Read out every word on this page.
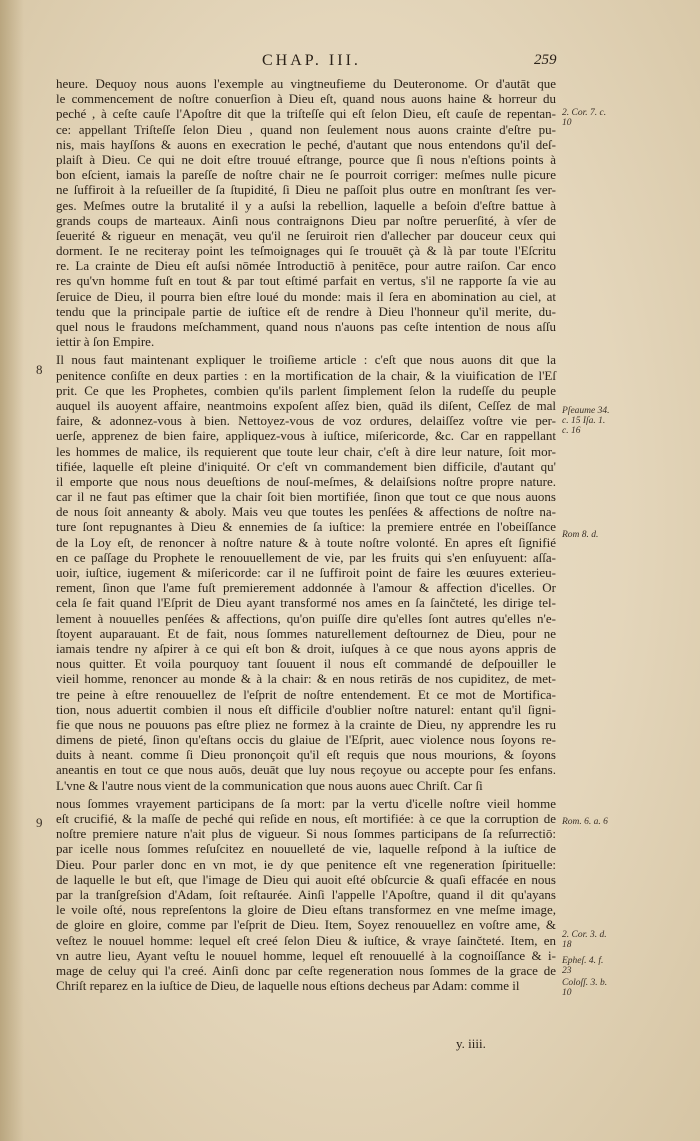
CHAP. III.	259
heure. Dequoy nous auons l'exemple au vingtneufieme du Deuteronome. Or d'autāt que
le commencement de noſtre conuerſion à Dieu eſt, quand nous auons haine & horreur du
peché , à ceſte cauſe l'Apoſtre dit que la triſteſſe qui eſt ſelon Dieu, eſt cauſe de repentan-
ce: appellant Triſteſſe ſelon Dieu , quand non ſeulement nous auons crainte d'eſtre pu-
nis, mais hayſſons & auons en execration le peché, d'autant que nous entendons qu'il deſ-
plaiſt à Dieu. Ce qui ne doit eſtre trouué eſtrange, pource que ſi nous n'eſtions points à
bon eſcient, iamais la pareſſe de noſtre chair ne ſe pourroit corriger: meſmes nulle picure
ne ſuffiroit à la reſueiller de ſa ſtupidité, ſi Dieu ne paſſoit plus outre en monſtrant ſes ver-
ges. Meſmes outre la brutalité il y a auſsi la rebellion, laquelle a beſoin d'eſtre battue à
grands coups de marteaux. Ainſi nous contraignons Dieu par noſtre peruerſité, à vſer de
ſeuerité & rigueur en menaçāt, veu qu'il ne ſeruiroit rien d'allecher par douceur ceux qui
dorment. Ie ne reciteray point les teſmoignages qui ſe trouuēt çà & là par toute l'Eſcritu
re. La crainte de Dieu eſt auſsi nōmée Introductiō à penitēce, pour autre raiſon. Car enco
res qu'vn homme fuſt en tout & par tout eſtimé parfait en vertus, s'il ne rapporte ſa vie au
ſeruice de Dieu, il pourra bien eſtre loué du monde: mais il ſera en abomination au ciel, at
tendu que la principale partie de iuſtice eſt de rendre à Dieu l'honneur qu'il merite, du-
quel nous le fraudons meſchamment, quand nous n'auons pas ceſte intention de nous aſſu
iettir à ſon Empire.
Il nous faut maintenant expliquer le troiſieme article : c'eſt que nous auons dit que la
penitence conſiſte en deux parties : en la mortification de la chair, & la viuification de l'Eſ
prit. Ce que les Prophetes, combien qu'ils parlent ſimplement ſelon la rudeſſe du peuple
auquel ils auoyent affaire, neantmoins expoſent aſſez bien, quād ils diſent, Ceſſez de mal
faire, & adonnez-vous à bien. Nettoyez-vous de voz ordures, delaiſſez voſtre vie per-
uerſe, apprenez de bien faire, appliquez-vous à iuſtice, miſericorde, &c. Car en rappellant
les hommes de malice, ils requierent que toute leur chair, c'eſt à dire leur nature, ſoit mor-
tifiée, laquelle eſt pleine d'iniquité. Or c'eſt vn commandement bien difficile, d'autant qu'
il emporte que nous nous deueſtions de nouſ-meſmes, & delaiſsions noſtre propre nature.
car il ne faut pas eſtimer que la chair ſoit bien mortifiée, ſinon que tout ce que nous auons
de nous ſoit anneanty & aboly. Mais veu que toutes les penſées & affections de noſtre na-
ture ſont repugnantes à Dieu & ennemies de ſa iuſtice: la premiere entrée en l'obeiſſance
de la Loy eſt, de renoncer à noſtre nature & à toute noſtre volonté. En apres eſt ſignifié
en ce paſſage du Prophete le renouuellement de vie, par les fruits qui s'en enſuyuent: aſſa-
uoir, iuſtice, iugement & miſericorde: car il ne ſuffiroit point de faire les œuures exterieu-
rement, ſinon que l'ame fuſt premierement addonnée à l'amour & affection d'icelles. Or
cela ſe fait quand l'Eſprit de Dieu ayant transformé nos ames en ſa ſainčteté, les dirige tel-
lement à nouuelles penſées & affections, qu'on puiſſe dire qu'elles ſont autres qu'elles n'e-
ſtoyent auparauant. Et de fait, nous ſommes naturellement deſtournez de Dieu, pour ne
iamais tendre ny aſpirer à ce qui eſt bon & droit, iuſques à ce que nous ayons appris de
nous quitter. Et voila pourquoy tant ſouuent il nous eſt commandé de deſpouiller le
vieil homme, renoncer au monde & à la chair: & en nous retirās de nos cupiditez, de met-
tre peine à eſtre renouuellez de l'eſprit de noſtre entendement. Et ce mot de Mortifica-
tion, nous aduertit combien il nous eſt difficile d'oublier noſtre naturel: entant qu'il ſigni-
fie que nous ne pouuons pas eſtre pliez ne formez à la crainte de Dieu, ny apprendre les ru
dimens de pieté, ſinon qu'eſtans occis du glaiue de l'Eſprit, auec violence nous ſoyons re-
duits à neant. comme ſi Dieu prononçoit qu'il eſt requis que nous mourions, & ſoyons
aneantis en tout ce que nous auōs, deuāt que luy nous reçoyue ou accepte pour ſes enfans.
L'vne & l'autre nous vient de la communication que nous auons auec Chriſt. Car ſi
nous ſommes vrayement participans de ſa mort: par la vertu d'icelle noſtre vieil homme
eſt crucifié, & la maſſe de peché qui reſide en nous, eſt mortifiée: à ce que la corruption de
noſtre premiere nature n'ait plus de vigueur. Si nous ſommes participans de ſa reſurrectiō:
par icelle nous ſommes reſuſcitez en nouuelleté de vie, laquelle reſpond à la iuſtice de
Dieu. Pour parler donc en vn mot, ie dy que penitence eſt vne regeneration ſpirituelle:
de laquelle le but eſt, que l'image de Dieu qui auoit eſté obſcurcie & quaſi effacée en nous
par la tranſgreſsion d'Adam, ſoit reſtaurée. Ainſi l'appelle l'Apoſtre, quand il dit qu'ayans
le voile oſté, nous repreſentons la gloire de Dieu eſtans transformez en vne meſme image,
de gloire en gloire, comme par l'eſprit de Dieu. Item, Soyez renouuellez en voſtre ame, &
veſtez le nouuel homme: lequel eſt creé ſelon Dieu & iuſtice, & vraye ſainčteté. Item, en
vn autre lieu, Ayant veſtu le nouuel homme, lequel eſt renouuellé à la cognoiſſance & i-
mage de celuy qui l'a creé. Ainſi donc par ceſte regeneration nous ſommes de la grace de
Chriſt reparez en la iuſtice de Dieu, de laquelle nous eſtions decheus par Adam: comme il
8
9
2. Cor. 7. c. 10
Pſeaume 34. c. 15 Iſa. 1. c. 16
Rom 8. d.
Rom. 6. a. 6
2. Cor. 3. d. 18
Epheſ. 4. f. 23
Coloſſ. 3. b. 10
y. iiii.
